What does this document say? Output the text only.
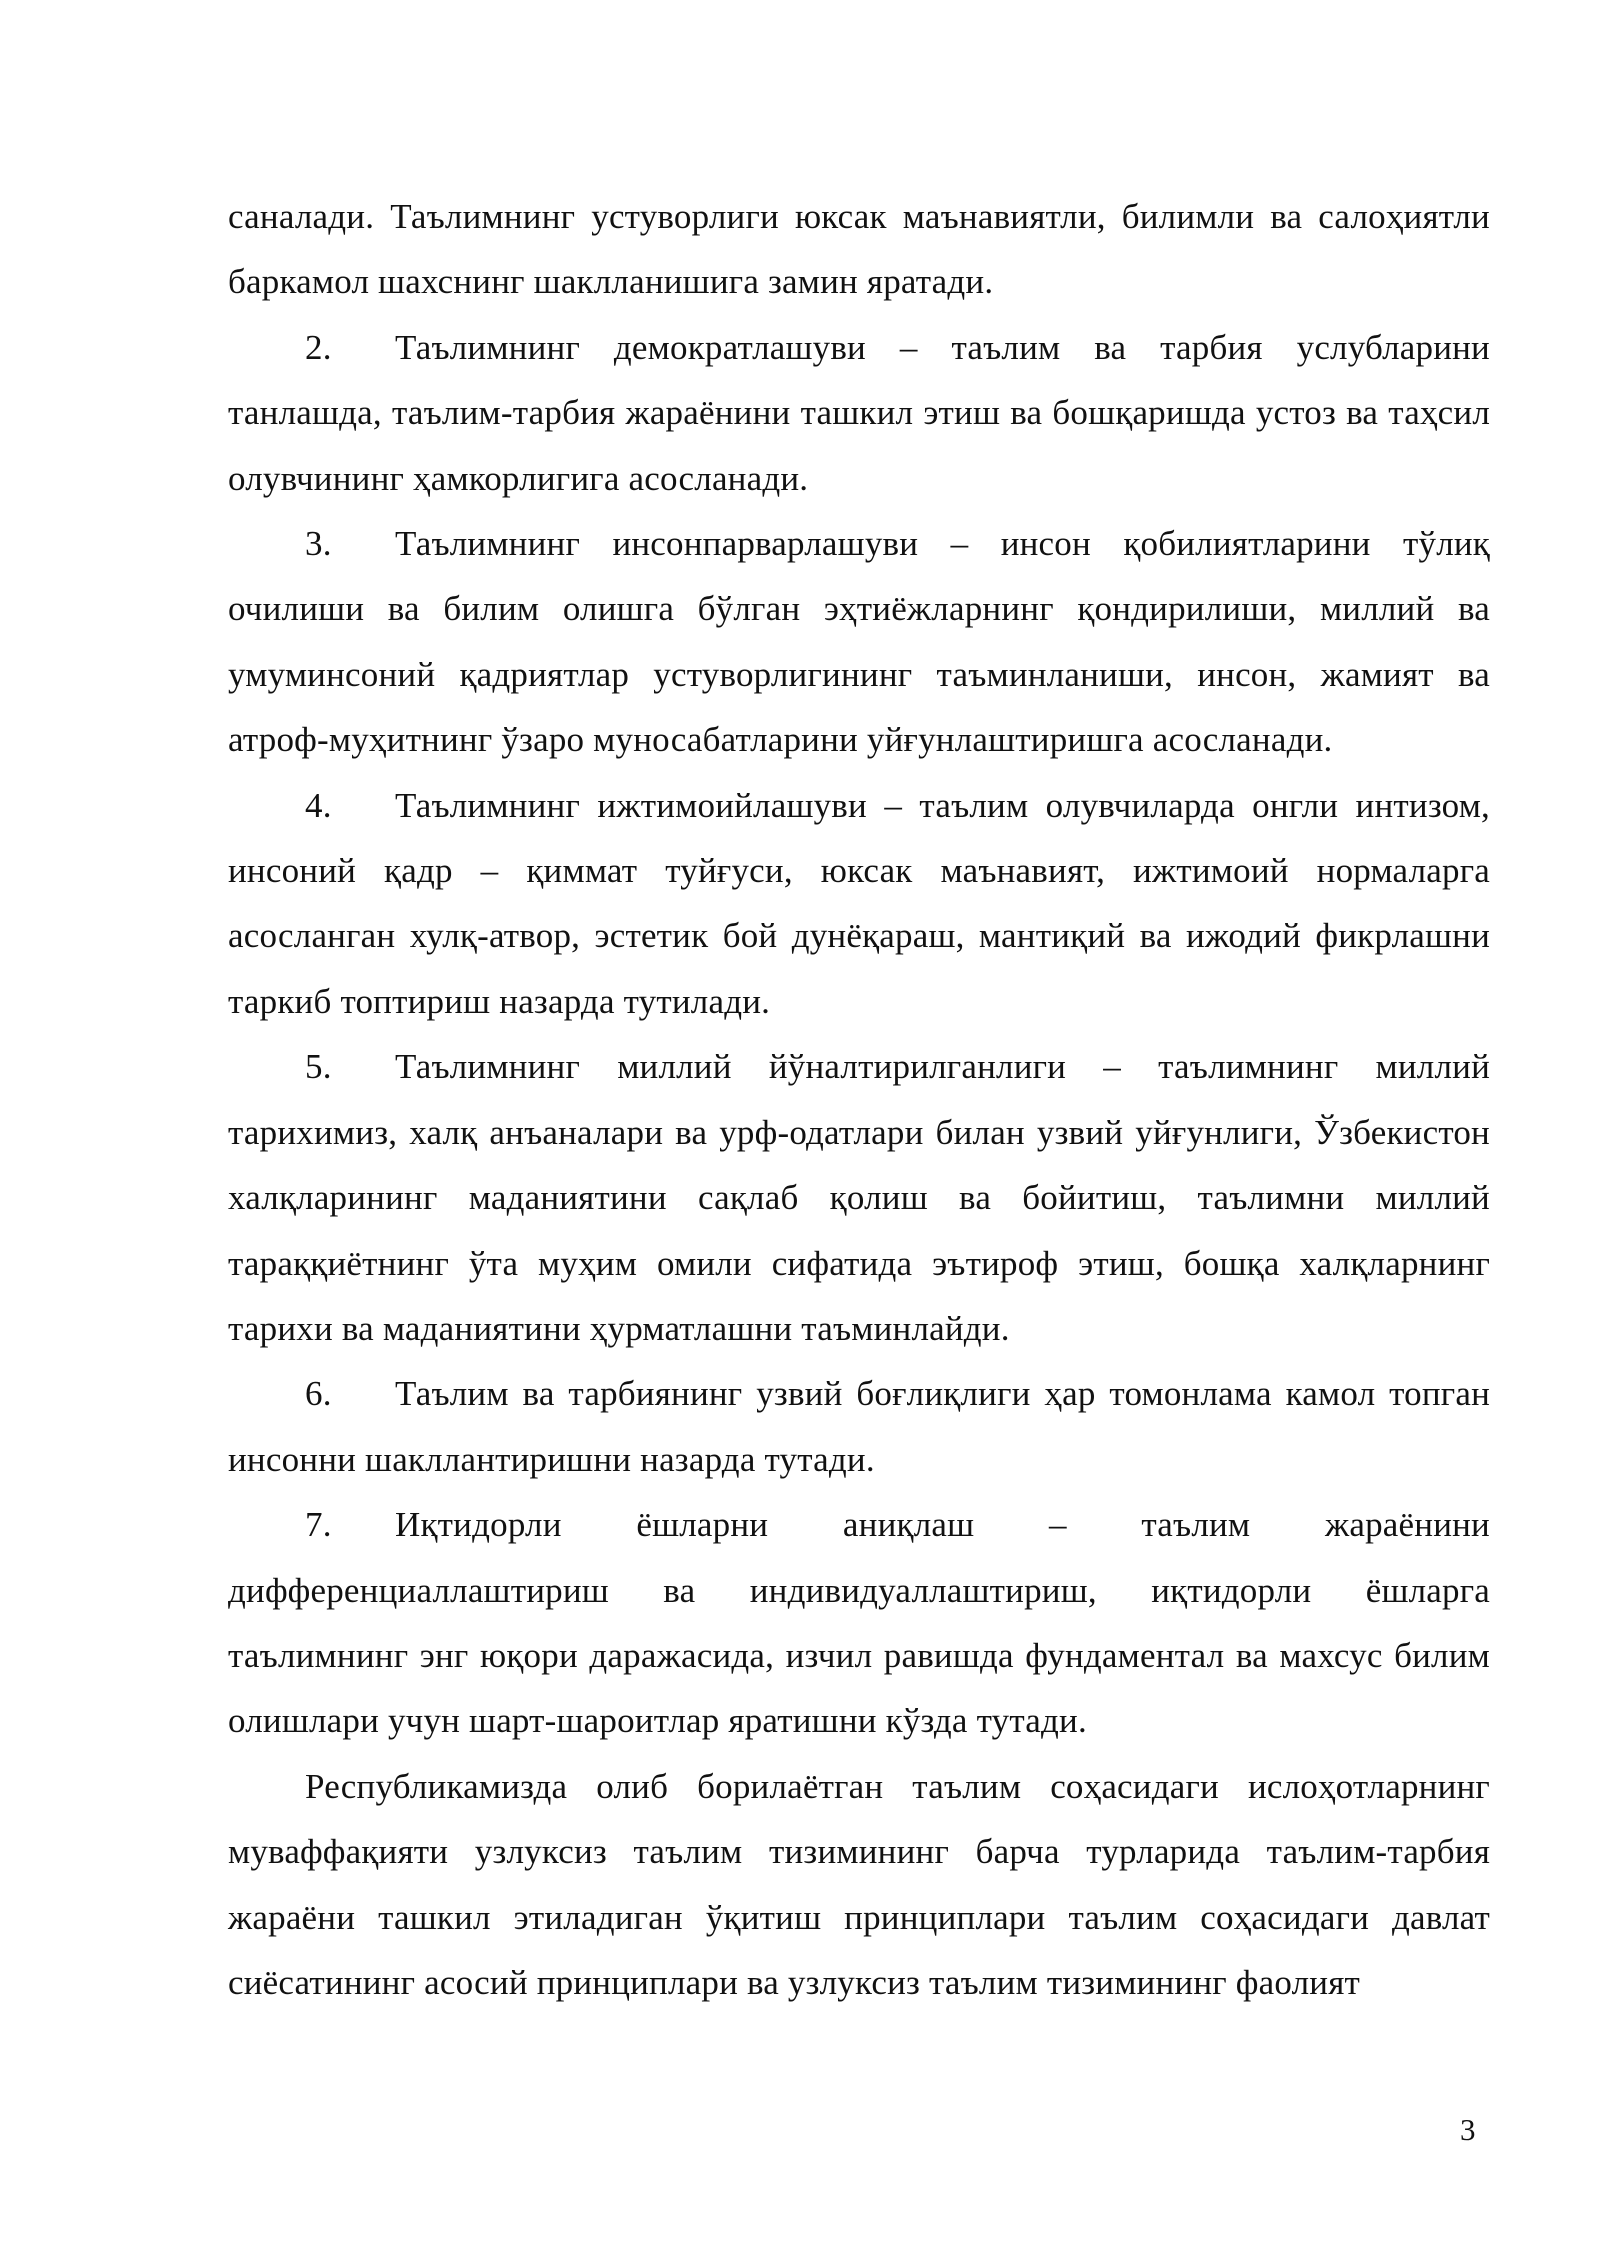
саналади. Таълимнинг устуворлиги юксак маънавиятли, билимли ва салоҳиятли баркамол шахснинг шаклланишига замин яратади.

2. Таълимнинг демократлашуви – таълим ва тарбия услубларини танлашда, таълим-тарбия жараёнини ташкил этиш ва бошқаришда устоз ва таҳсил олувчининг ҳамкорлигига асосланади.

3. Таълимнинг инсонпарварлашуви – инсон қобилиятларини тўлиқ очилиши ва билим олишга бўлган эҳтиёжларнинг қондирилиши, миллий ва умуминсоний қадриятлар устуворлигининг таъминланиши, инсон, жамият ва атроф-муҳитнинг ўзаро муносабатларини уйғунлаштиришга асосланади.

4. Таълимнинг ижтимоийлашуви – таълим олувчиларда онгли интизом, инсоний қадр – қиммат туйғуси, юксак маънавият, ижтимоий нормаларга асосланган хулқ-атвор, эстетик бой дунёқараш, мантиқий ва ижодий фикрлашни таркиб топтириш назарда тутилади.

5. Таълимнинг миллий йўналтирилганлиги – таълимнинг миллий тарихимиз, халқ анъаналари ва урф-одатлари билан узвий уйғунлиги, Ўзбекистон халқларининг маданиятини сақлаб қолиш ва бойитиш, таълимни миллий тараққиётнинг ўта муҳим омили сифатида эътироф этиш, бошқа халқларнинг тарихи ва маданиятини ҳурматлашни таъминлайди.

6. Таълим ва тарбиянинг узвий боғлиқлиги ҳар томонлама камол топган инсонни шакллантиришни назарда тутади.

7. Иқтидорли ёшларни аниқлаш – таълим жараёнини дифференциаллаштириш ва индивидуаллаштириш, иқтидорли ёшларга таълимнинг энг юқори даражасида, изчил равишда фундаментал ва махсус билим олишлари учун шарт-шароитлар яратишни кўзда тутади.

Республикамизда олиб борилаётган таълим соҳасидаги ислоҳотларнинг муваффақияти узлуксиз таълим тизимининг барча турларида таълим-тарбия жараёни ташкил этиладиган ўқитиш принциплари таълим соҳасидаги давлат сиёсатининг асосий принциплари ва узлуксиз таълим тизимининг фаолият

3
